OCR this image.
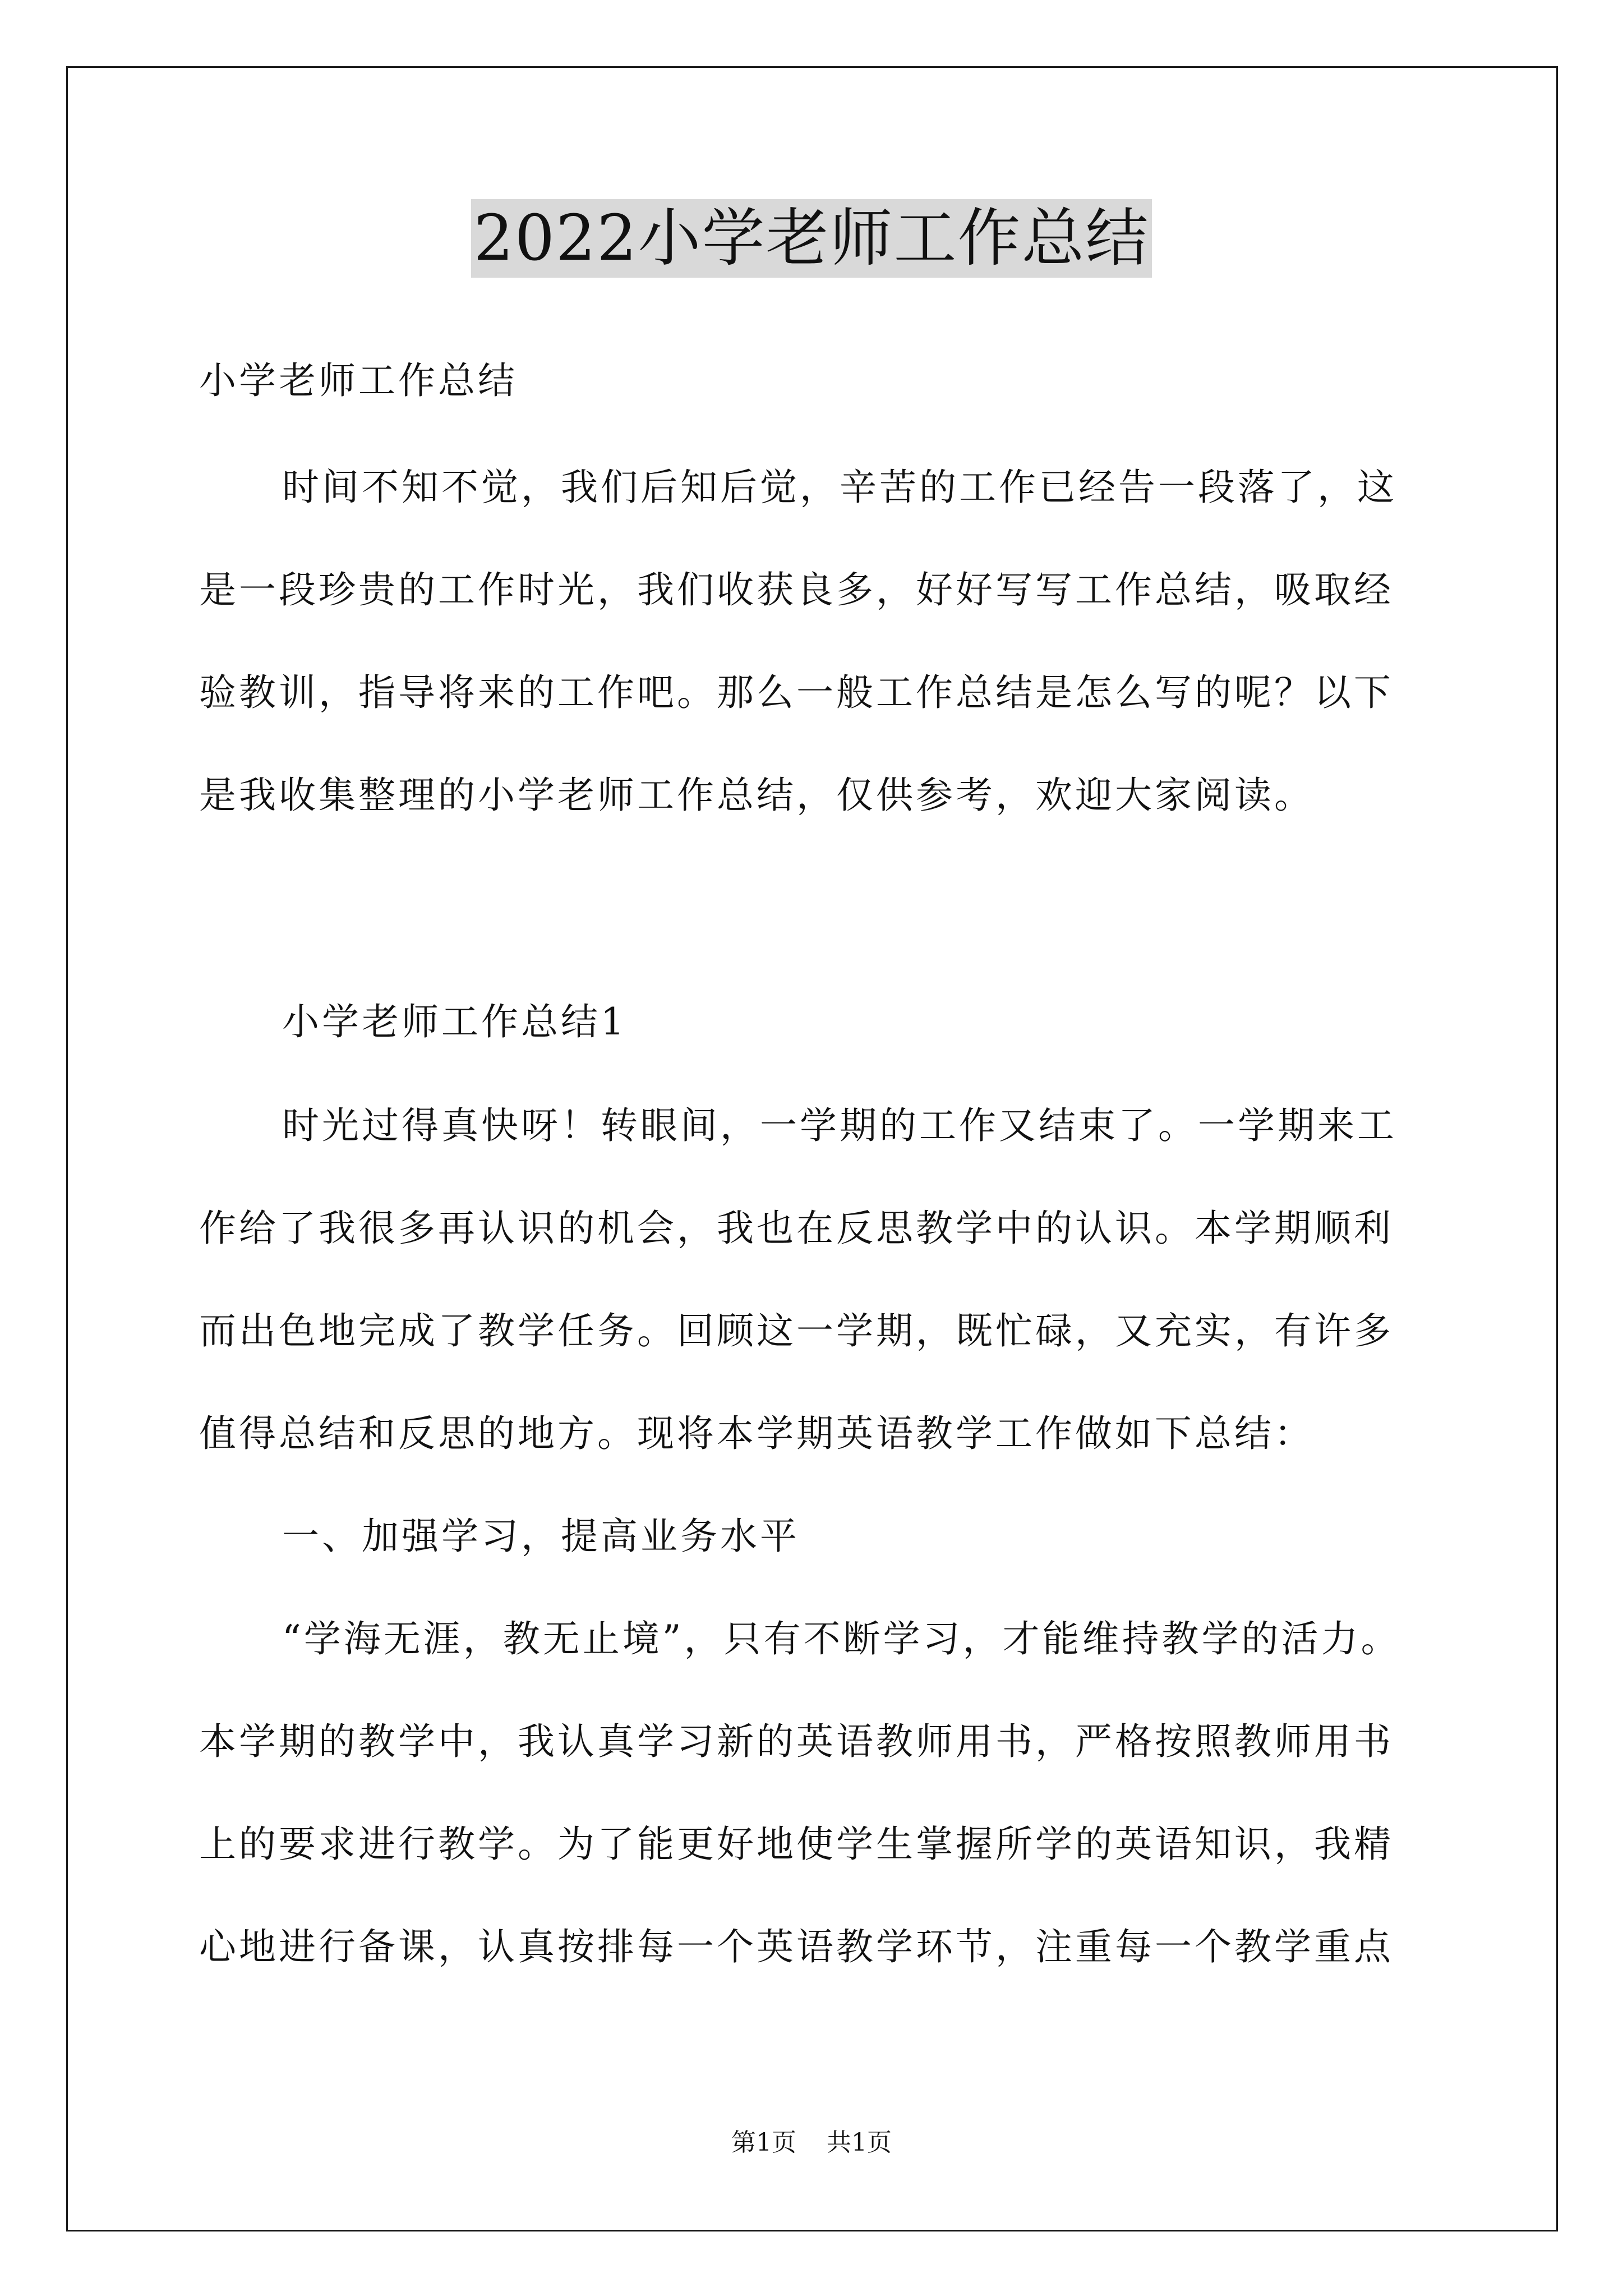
2022小学老师工作总结
小学老师工作总结
时间不知不觉，我们后知后觉，辛苦的工作已经告一段落了，这
是一段珍贵的工作时光，我们收获良多，好好写写工作总结，吸取经
验教训，指导将来的工作吧。那么一般工作总结是怎么写的呢？以下
是我收集整理的小学老师工作总结，仅供参考，欢迎大家阅读。
小学老师工作总结1
时光过得真快呀！转眼间，一学期的工作又结束了。一学期来工
作给了我很多再认识的机会，我也在反思教学中的认识。本学期顺利
而出色地完成了教学任务。回顾这一学期，既忙碌，又充实，有许多
值得总结和反思的地方。现将本学期英语教学工作做如下总结：
一、加强学习，提高业务水平
“学海无涯，教无止境”，只有不断学习，才能维持教学的活力。
本学期的教学中，我认真学习新的英语教师用书，严格按照教师用书
上的要求进行教学。为了能更好地使学生掌握所学的英语知识，我精
心地进行备课，认真按排每一个英语教学环节，注重每一个教学重点
第1页 共1页
